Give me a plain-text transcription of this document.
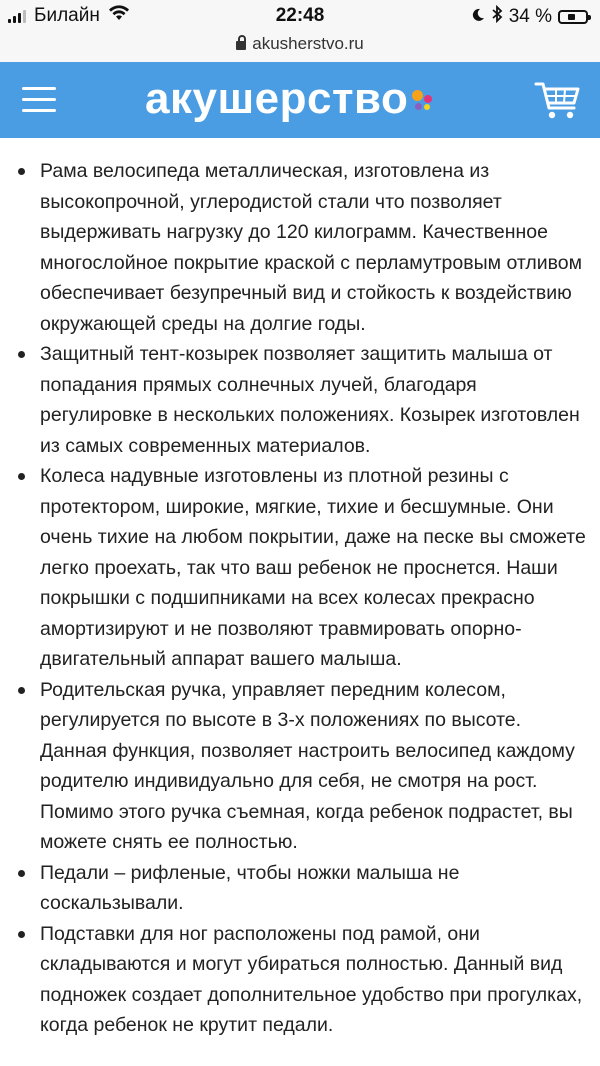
Билайн	22:48	34 %
akusherstvo.ru
акушерство
Рама велосипеда металлическая, изготовлена из высокопрочной, углеродистой стали что позволяет выдерживать нагрузку до 120 килограмм. Качественное многослойное покрытие краской с перламутровым отливом обеспечивает безупречный вид и стойкость к воздействию окружающей среды на долгие годы.
Защитный тент-козырек позволяет защитить малыша от попадания прямых солнечных лучей, благодаря регулировке в нескольких положениях. Козырек изготовлен из самых современных материалов.
Колеса надувные изготовлены из плотной резины с протектором, широкие, мягкие, тихие и бесшумные. Они очень тихие на любом покрытии, даже на песке вы сможете легко проехать, так что ваш ребенок не проснется. Наши покрышки с подшипниками на всех колесах прекрасно амортизируют и не позволяют травмировать опорно-двигательный аппарат вашего малыша.
Родительская ручка, управляет передним колесом, регулируется по высоте в 3-х положениях по высоте. Данная функция, позволяет настроить велосипед каждому родителю индивидуально для себя, не смотря на рост. Помимо этого ручка съемная, когда ребенок подрастет, вы можете снять ее полностью.
Педали – рифленые, чтобы ножки малыша не соскальзывали.
Подставки для ног расположены под рамой, они складываются и могут убираться полностью. Данный вид подножек создает дополнительное удобство при прогулках, когда ребенок не крутит педали.
